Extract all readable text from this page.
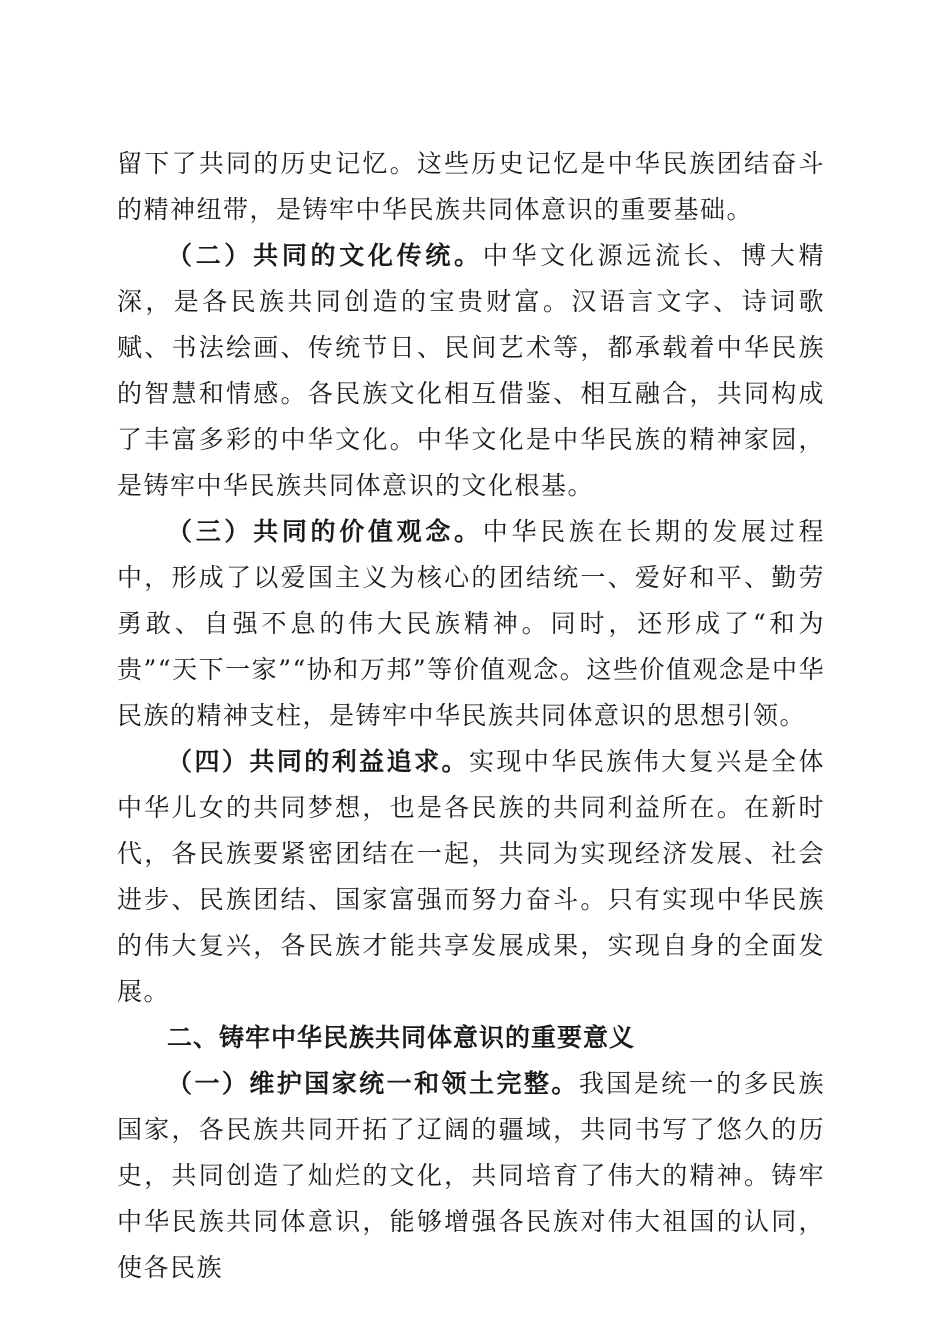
留下了共同的历史记忆。这些历史记忆是中华民族团结奋斗的精神纽带，是铸牢中华民族共同体意识的重要基础。

（二）共同的文化传统。中华文化源远流长、博大精深，是各民族共同创造的宝贵财富。汉语言文字、诗词歌赋、书法绘画、传统节日、民间艺术等，都承载着中华民族的智慧和情感。各民族文化相互借鉴、相互融合，共同构成了丰富多彩的中华文化。中华文化是中华民族的精神家园，是铸牢中华民族共同体意识的文化根基。

（三）共同的价值观念。中华民族在长期的发展过程中，形成了以爱国主义为核心的团结统一、爱好和平、勤劳勇敢、自强不息的伟大民族精神。同时，还形成了“和为贵”“天下一家”“协和万邦”等价值观念。这些价值观念是中华民族的精神支柱，是铸牢中华民族共同体意识的思想引领。

（四）共同的利益追求。实现中华民族伟大复兴是全体中华儿女的共同梦想，也是各民族的共同利益所在。在新时代，各民族要紧密团结在一起，共同为实现经济发展、社会进步、民族团结、国家富强而努力奋斗。只有实现中华民族的伟大复兴，各民族才能共享发展成果，实现自身的全面发展。

二、铸牢中华民族共同体意识的重要意义

（一）维护国家统一和领土完整。我国是统一的多民族国家，各民族共同开拓了辽阔的疆域，共同书写了悠久的历史，共同创造了灿烂的文化，共同培育了伟大的精神。铸牢中华民族共同体意识，能够增强各民族对伟大祖国的认同，使各民族
